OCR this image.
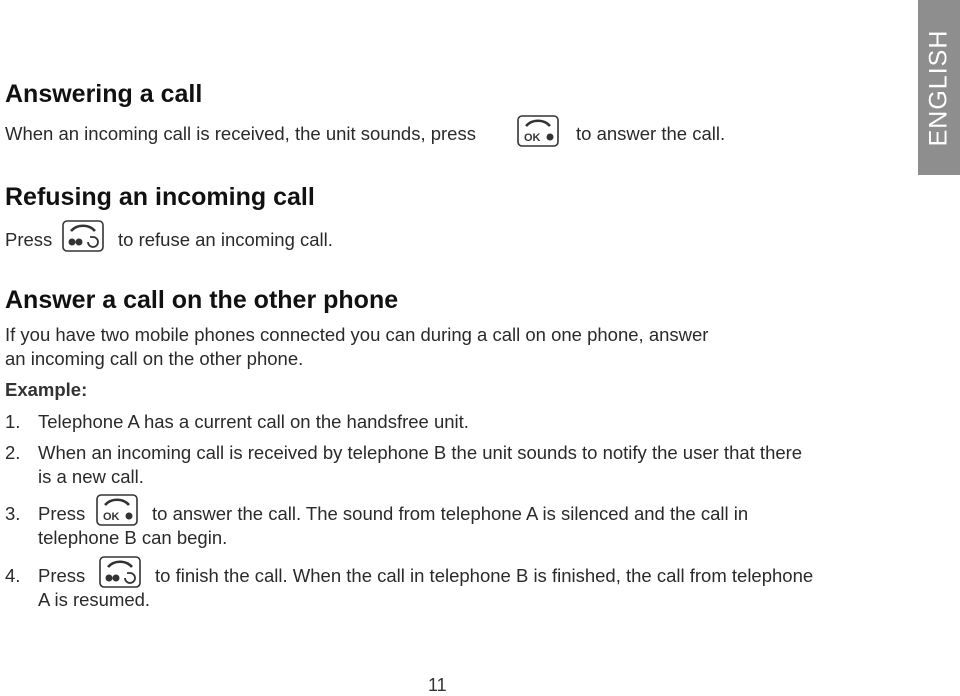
ENGLISH
Answering a call

When an incoming call is received, the unit sounds, press	OK to answer the call.

Refusing an incoming call

Press	to refuse an incoming call.

Answer a call on the other phone

If you have two mobile phones connected you can during a call on one phone, answer

an incoming call on the other phone.

Example:

1. Telephone A has a current call on the handsfree unit.
2. When an incoming call is received by telephone B the unit sounds to notify the user that there
is a new call.
3. Press OK to answer the call. The sound from telephone A is silenced and the call in
telephone B can begin.
4. Press	to finish the call. When the call in telephone B is finished, the call from telephone
A is resumed.
11
